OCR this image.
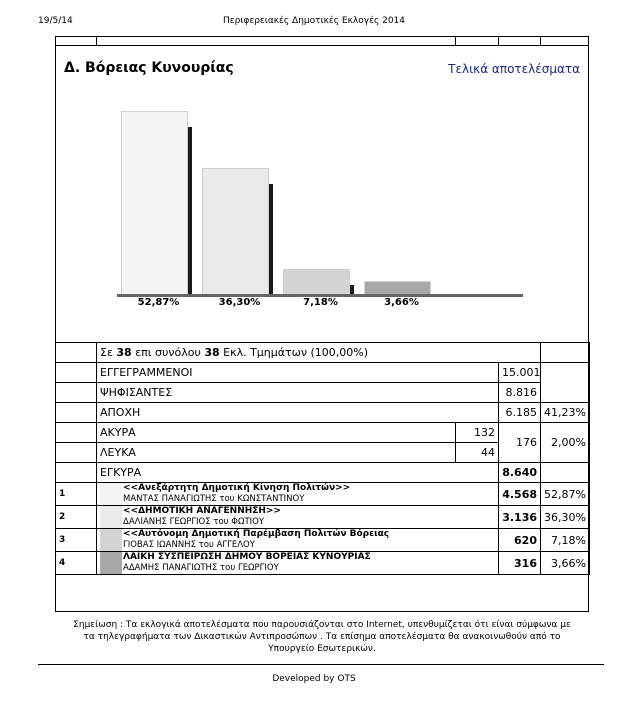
19/5/14	Περιφερειακές Δημοτικές Εκλογές 2014
Δ. Βόρειας Κυνουρίας	Τελικά αποτελέσματα
52,87%	36,30%	7,18%	3,66%
	Σε 38 επι συνόλου 38 Εκλ. Τμημάτων (100,00%)			
	ΕΓΓΕΓΡΑΜΜΕΝΟΙ		15.001	
	ΨΗΦΙΣΑΝΤΕΣ		8.816	
	ΑΠΟΧΗ		6.185	41,23%
	ΑΚΥΡΑ	132	176	2,00%
	ΛΕΥΚΑ	44		
	ΕΓΚΥΡΑ		8.640	
1	<<Ανεξάρτητη Δημοτική Κίνηση Πολιτών>>
ΜΑΝΤΑΣ ΠΑΝΑΓΙΩΤΗΣ του ΚΩΝΣΤΑΝΤΙΝΟΥ		4.568	52,87%
2	<<ΔΗΜΟΤΙΚΗ ΑΝΑΓΕΝΝΗΣΗ>>
ΔΑΛΙΑΝΗΣ ΓΕΩΡΓΙΟΣ του ΦΩΤΙΟΥ		3.136	36,30%
3	<<Αυτόνομη Δημοτική Παρέμβαση Πολιτών Βόρειας
ΓΙΟΒΑΣ ΙΩΑΝΝΗΣ του ΑΓΓΕΛΟΥ		620	7,18%
4	ΛΑΪΚΗ ΣΥΣΠΕΙΡΩΣΗ ΔΗΜΟΥ ΒΟΡΕΙΑΣ ΚΥΝΟΥΡΙΑΣ
ΑΔΑΜΗΣ ΠΑΝΑΓΙΩΤΗΣ του ΓΕΩΡΓΙΟΥ		316	3,66%
Σημείωση : Τα εκλογικά αποτελέσματα που παρουσιάζονται στο Internet, υπενθυμίζεται ότι είναι σύμφωνα με τα τηλεγραφήματα των Δικαστικών Αντιπροσώπων . Τα επίσημα αποτελέσματα θα ανακοινωθούν από το Υπουργείο Εσωτερικών.
Developed by OTS
